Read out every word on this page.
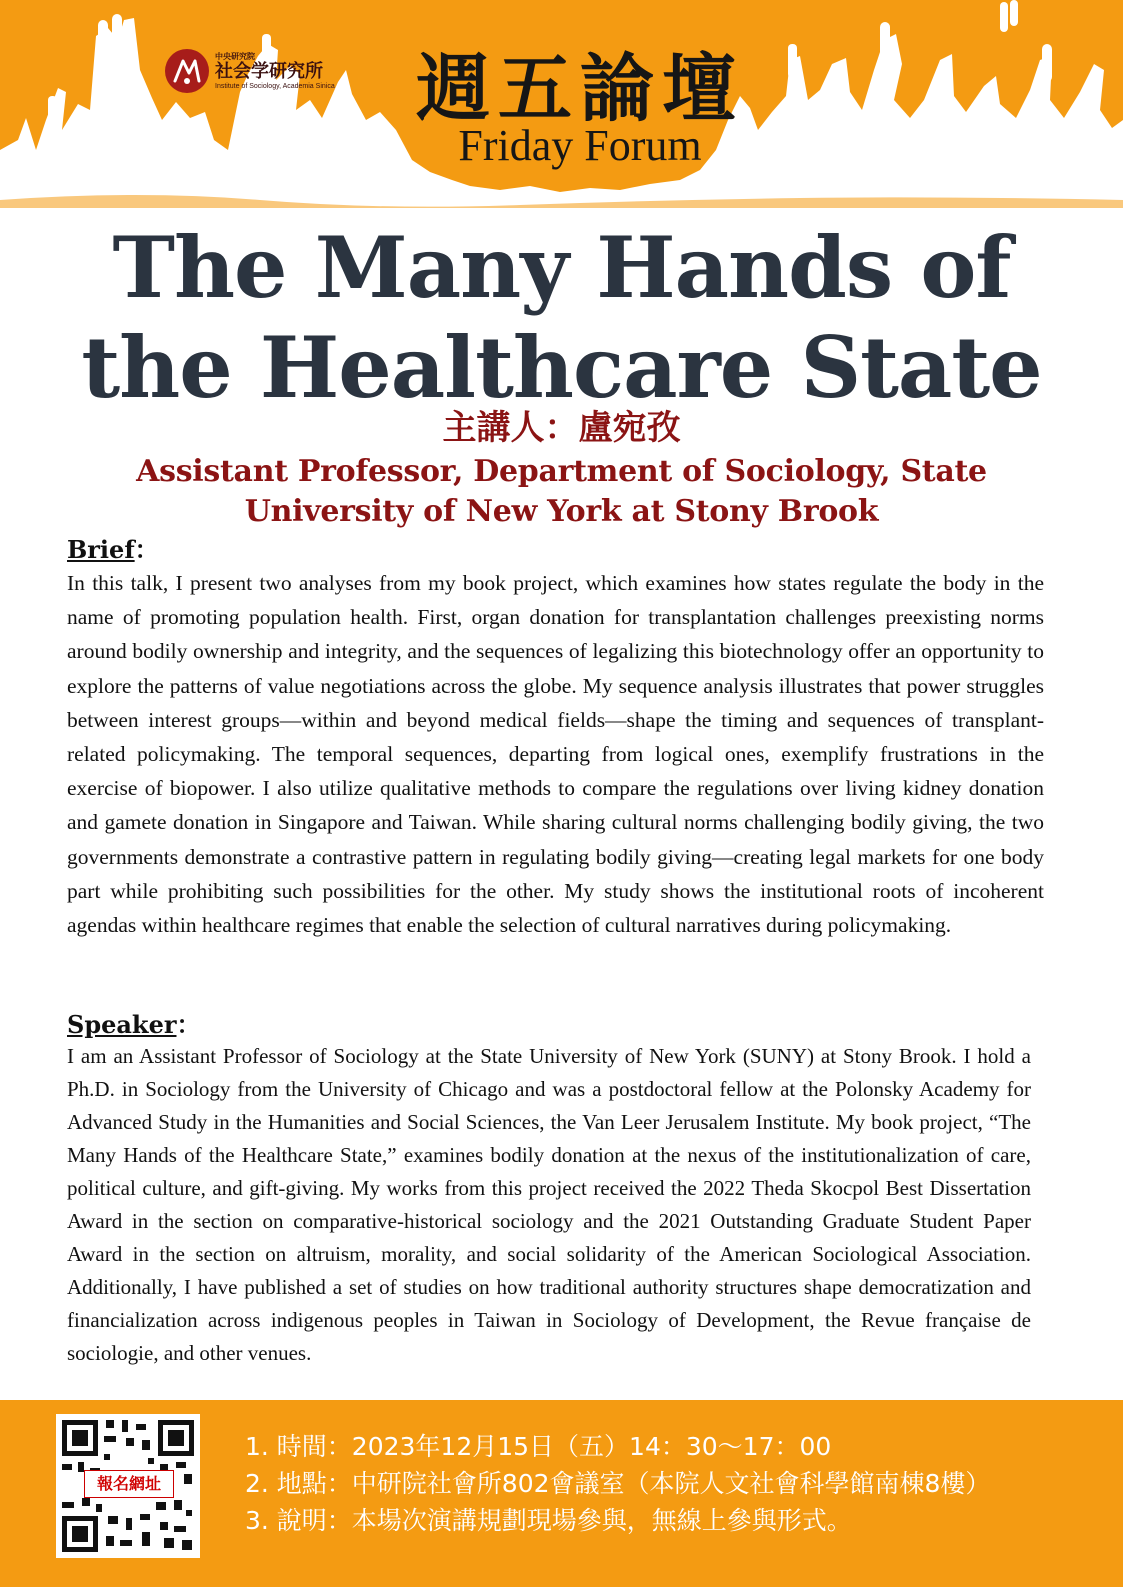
中央研究院
社会学研究所
Institute of Sociology, Academia Sinica	週五論壇
Friday Forum
The Many Hands of
the Healthcare State
主講人：盧宛孜
Assistant Professor, Department of Sociology, State
University of New York at Stony Brook
Brief：
In this talk, I present two analyses from my book project, which examines how states regulate the body in the name of promoting population health. First, organ donation for transplantation challenges preexisting norms around bodily ownership and integrity, and the sequences of legalizing this biotechnology offer an opportunity to explore the patterns of value negotiations across the globe. My sequence analysis illustrates that power struggles between interest groups—within and beyond medical fields—shape the timing and sequences of transplant-related policymaking. The temporal sequences, departing from logical ones, exemplify frustrations in the exercise of biopower. I also utilize qualitative methods to compare the regulations over living kidney donation and gamete donation in Singapore and Taiwan. While sharing cultural norms challenging bodily giving, the two governments demonstrate a contrastive pattern in regulating bodily giving—creating legal markets for one body part while prohibiting such possibilities for the other. My study shows the institutional roots of incoherent agendas within healthcare regimes that enable the selection of cultural narratives during policymaking.
Speaker：
I am an Assistant Professor of Sociology at the State University of New York (SUNY) at Stony Brook. I hold a Ph.D. in Sociology from the University of Chicago and was a postdoctoral fellow at the Polonsky Academy for Advanced Study in the Humanities and Social Sciences, the Van Leer Jerusalem Institute. My book project, “The Many Hands of the Healthcare State,” examines bodily donation at the nexus of the institutionalization of care, political culture, and gift-giving. My works from this project received the 2022 Theda Skocpol Best Dissertation Award in the section on comparative-historical sociology and the 2021 Outstanding Graduate Student Paper Award in the section on altruism, morality, and social solidarity of the American Sociological Association. Additionally, I have published a set of studies on how traditional authority structures shape democratization and financialization across indigenous peoples in Taiwan in Sociology of Development, the Revue française de sociologie, and other venues.
報名網址
1. 時間：2023年12月15日（五）14：30～17：00
2. 地點：中研院社會所802會議室（本院人文社會科學館南棟8樓）
3. 說明：本場次演講規劃現場參與，無線上參與形式。
